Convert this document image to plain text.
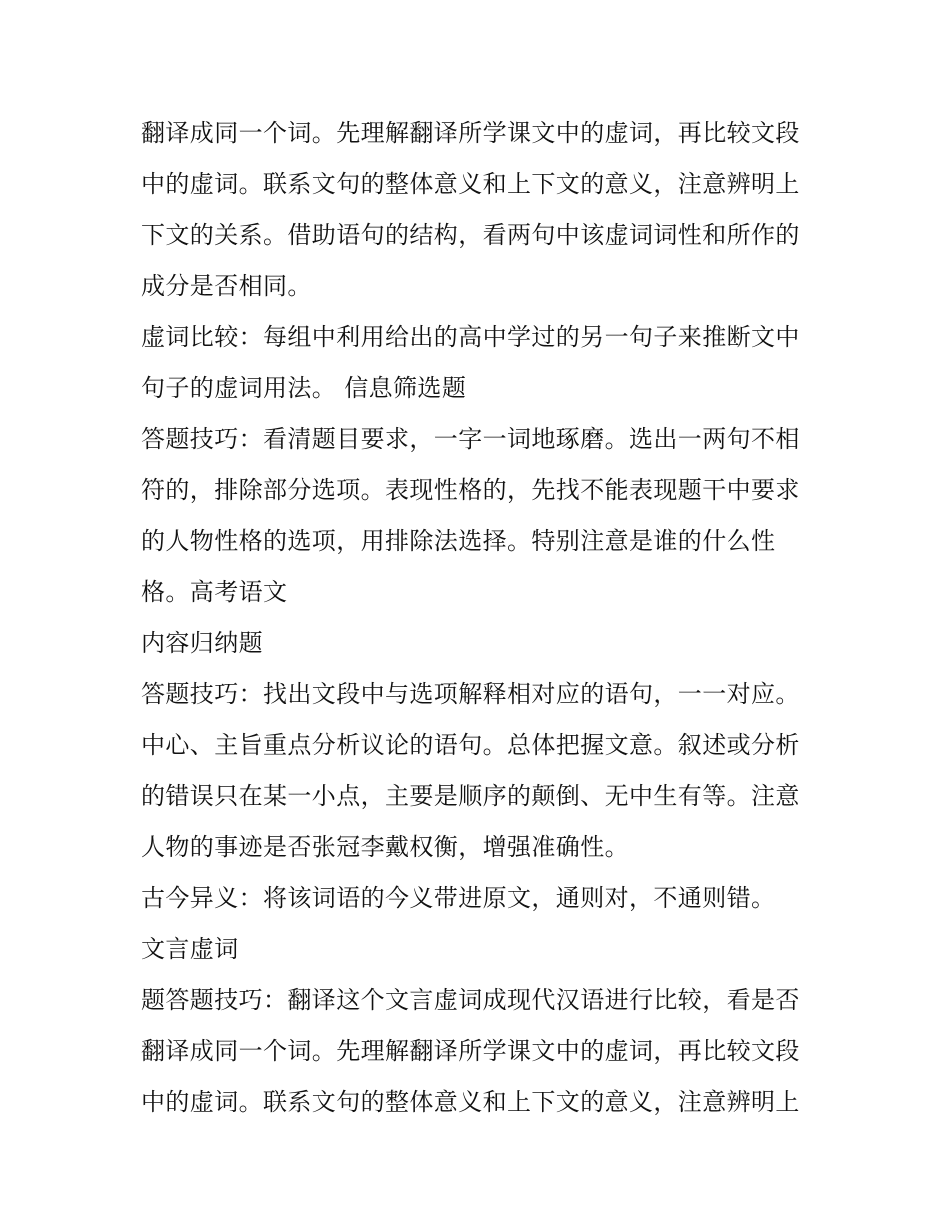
翻译成同一个词。先理解翻译所学课文中的虚词，再比较文段
中的虚词。联系文句的整体意义和上下文的意义，注意辨明上
下文的关系。借助语句的结构，看两句中该虚词词性和所作的
成分是否相同。
虚词比较：每组中利用给出的高中学过的另一句子来推断文中
句子的虚词用法。 信息筛选题
答题技巧：看清题目要求，一字一词地琢磨。选出一两句不相
符的，排除部分选项。表现性格的，先找不能表现题干中要求
的人物性格的选项，用排除法选择。特别注意是谁的什么性
格。高考语文
内容归纳题
答题技巧：找出文段中与选项解释相对应的语句，一一对应。
中心、主旨重点分析议论的语句。总体把握文意。叙述或分析
的错误只在某一小点，主要是顺序的颠倒、无中生有等。注意
人物的事迹是否张冠李戴权衡，增强准确性。
古今异义：将该词语的今义带进原文，通则对，不通则错。
文言虚词
题答题技巧：翻译这个文言虚词成现代汉语进行比较，看是否
翻译成同一个词。先理解翻译所学课文中的虚词，再比较文段
中的虚词。联系文句的整体意义和上下文的意义，注意辨明上
